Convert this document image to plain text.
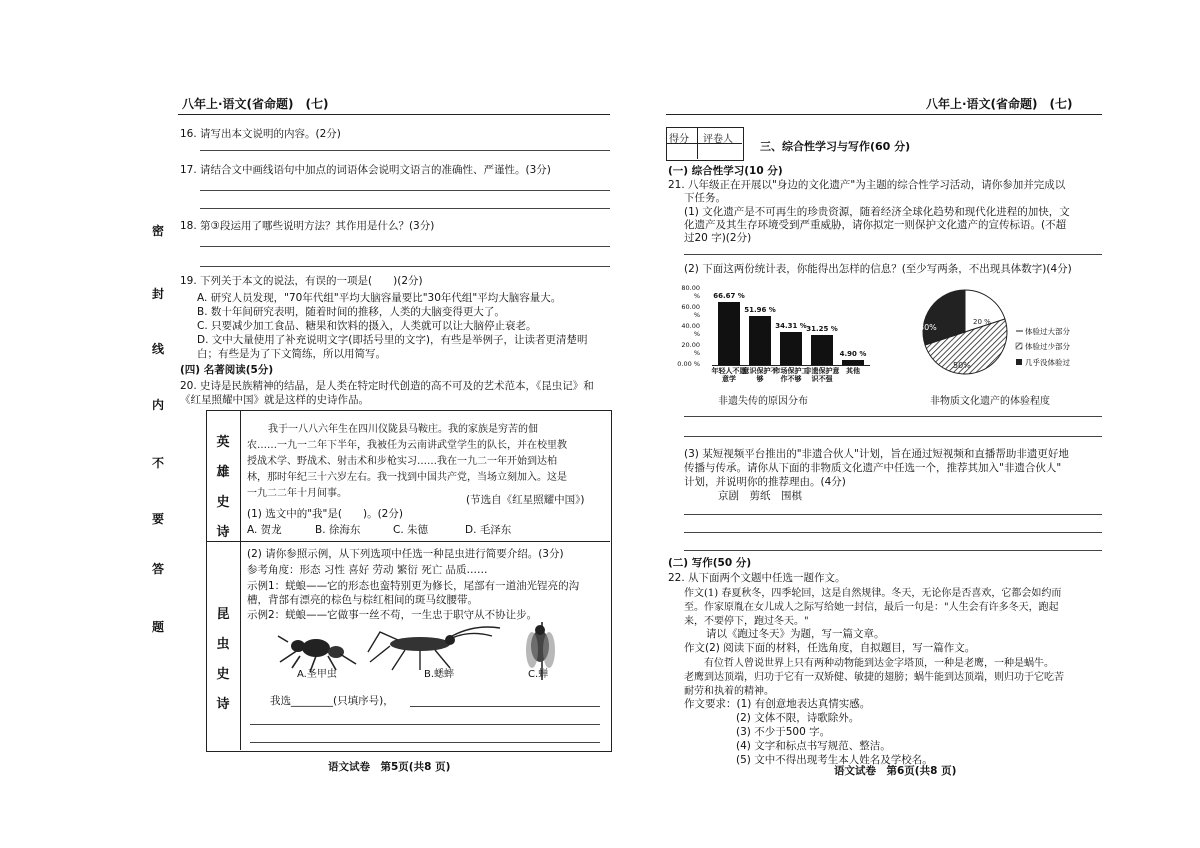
八年上·语文(省命题)　(七)
16. 请写出本文说明的内容。(2分)
17. 请结合文中画线语句中加点的词语体会说明文语言的准确性、严谨性。(3分)
18. 第③段运用了哪些说明方法？其作用是什么？(3分)
19. 下列关于本文的说法，有误的一项是(　　)(2分)
A. 研究人员发现，"70年代组"平均大脑容量要比"30年代组"平均大脑容量大。
B. 数十年间研究表明，随着时间的推移，人类的大脑变得更大了。
C. 只要减少加工食品、糖果和饮料的摄入，人类就可以让大脑停止衰老。
D. 文中大量使用了补充说明文字(即括号里的文字)，有些是举例子，让读者更清楚明
白；有些是为了下文简练，所以用简写。
(四) 名著阅读(5分)
20. 史诗是民族精神的结晶，是人类在特定时代创造的高不可及的艺术范本，《昆虫记》和
《红星照耀中国》就是这样的史诗作品。
英
雄
史
诗
我于一八八六年生在四川仪陇县马鞍庄。我的家族是穷苦的佃
农……一九一二年下半年，我被任为云南讲武堂学生的队长，并在校里教
授战术学、野战术、射击术和步枪实习……我在一九二一年开始到达柏
林，那时年纪三十六岁左右。我一找到中国共产党，当场立刻加入。这是
一九二二年十月间事。
(节选自《红星照耀中国》)
(1) 选文中的"我"是(　　)。(2分)
A. 贺龙	B. 徐海东	C. 朱德	D. 毛泽东
昆
虫
史
诗
(2) 请你参照示例，从下列选项中任选一种昆虫进行简要介绍。(3分)
参考角度：形态 习性 喜好 劳动 繁衍 死亡 品质……
示例1：蜣蜋——它的形态也蛮特别更为修长，尾部有一道油光锃亮的沟
槽，背部有漂亮的棕色与棕红相间的斑马纹腰带。
示例2：蜣蜋——它做事一丝不苟，一生忠于职守从不协让步。
A.圣甲虫	B.蟋蟀	C.蝉
我选________(只填序号)，
语文试卷　第5页(共8 页)
密
封
线
内
不
要
答
题
八年上·语文(省命题)　(七)
得分 评卷人
三、综合性学习与写作(60 分)
(一) 综合性学习(10 分)
21. 八年级正在开展以"身边的文化遗产"为主题的综合性学习活动，请你参加并完成以
下任务。
(1) 文化遗产是不可再生的珍贵资源，随着经济全球化趋势和现代化进程的加快，文
化遗产及其生存环境受到严重威胁，请你拟定一则保护文化遗产的宣传标语。(不超
过20 字)(2分)
(2) 下面这两份统计表，你能得出怎样的信息？(至少写两条，不出现具体数字)(4分)
80.00 %
60.00 %
40.00 %
20.00 %
0.00 %
66.67 %
年轻人不愿意学
51.96 %
意识保护不够
34.31 %
市场保护工作不够
31.25 %
非遗保护意识不强
4.90 %
其他
非遗失传的原因分布
30%
50%
20 %
体验过大部分
体验过少部分
几乎没体验过
非物质文化遗产的体验程度
(3) 某短视频平台推出的"非遗合伙人"计划，旨在通过短视频和直播帮助非遗更好地
传播与传承。请你从下面的非物质文化遗产中任选一个，推荐其加入"非遗合伙人"
计划，并说明你的推荐理由。(4分)
京剧　剪纸　围棋
(二) 写作(50 分)
22. 从下面两个文题中任选一题作文。
作文(1) 春夏秋冬，四季轮回，这是自然规律。冬天，无论你是否喜欢，它都会如约而
至。作家原胤在女儿成人之际写给她一封信，最后一句是："人生会有许多冬天，跑起
来，不要停下，跑过冬天。"
请以《跑过冬天》为题，写一篇文章。
作文(2) 阅读下面的材料，任选角度，自拟题目，写一篇作文。
有位哲人曾说世界上只有两种动物能到达金字塔顶，一种是老鹰，一种是蜗牛。
老鹰到达顶端，归功于它有一双矫健、敏捷的翅膀；蜗牛能到达顶端，则归功于它吃苦
耐劳和执着的精神。
作文要求：(1) 有创意地表达真情实感。
(2) 文体不限，诗歌除外。
(3) 不少于500 字。
(4) 文字和标点书写规范、整洁。
(5) 文中不得出现考生本人姓名及学校名。
语文试卷　第6页(共8 页)
